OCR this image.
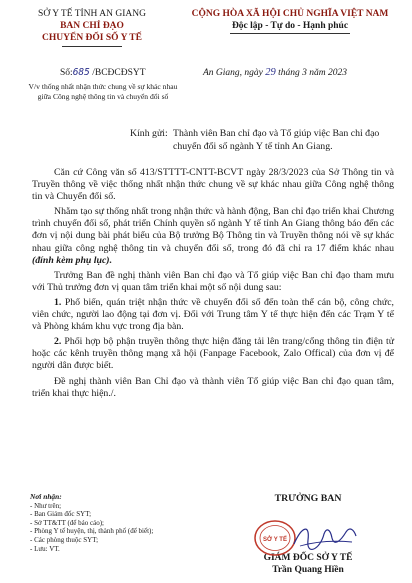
SỞ Y TẾ TỈNH AN GIANG
BAN CHỈ ĐẠO
CHUYỂN ĐỔI SỐ Y TẾ
CỘNG HÒA XÃ HỘI CHỦ NGHĨA VIỆT NAM
Độc lập - Tự do - Hạnh phúc
Số:685 /BCĐCĐSYT	An Giang, ngày 29 tháng 3 năm 2023
V/v thống nhất nhận thức chung về sự khác nhau giữa Công nghệ thông tin và chuyển đổi số
Kính gửi: Thành viên Ban chỉ đạo và Tổ giúp việc Ban chỉ đạo chuyển đổi số ngành Y tế tỉnh An Giang.

Căn cứ Công văn số 413/STTTT-CNTT-BCVT ngày 28/3/2023 của Sở Thông tin và Truyền thông về việc thống nhất nhận thức chung về sự khác nhau giữa Công nghệ thông tin và Chuyển đổi số.

Nhằm tạo sự thống nhất trong nhận thức và hành động, Ban chỉ đạo triển khai Chương trình chuyển đổi số, phát triển Chính quyền số ngành Y tế tỉnh An Giang thông báo đến các đơn vị nội dung bài phát biểu của Bộ trưởng Bộ Thông tin và Truyền thông nói về sự khác nhau giữa công nghệ thông tin và chuyển đổi số, trong đó đã chỉ ra 17 điểm khác nhau (đính kèm phụ lục).

Trưởng Ban đề nghị thành viên Ban chỉ đạo và Tổ giúp việc Ban chỉ đạo tham mưu với Thủ trưởng đơn vị quan tâm triển khai một số nội dung sau:

1. Phổ biến, quán triệt nhận thức về chuyển đổi số đến toàn thể cán bộ, công chức, viên chức, người lao động tại đơn vị. Đối với Trung tâm Y tế thực hiện đến các Trạm Y tế và Phòng khám khu vực trong địa bàn.

2. Phối hợp bộ phận truyền thông thực hiện đăng tải lên trang/cổng thông tin điện tử hoặc các kênh truyền thông mạng xã hội (Fanpage Facebook, Zalo Offical) của đơn vị để người dân được biết.

Đề nghị thành viên Ban Chỉ đạo và thành viên Tổ giúp việc Ban chỉ đạo quan tâm, triển khai thực hiện./.

Nơi nhận:
- Như trên;
- Ban Giám đốc SYT;
- Sở TT&TT (để báo cáo);
- Phòng Y tế huyện, thị, thành phố (để biết);
- Các phòng thuộc SYT;
- Lưu: VT.
TRƯỞNG BAN
GIÁM ĐỐC SỞ Y TẾ
Trần Quang Hiền
SỞ Y TẾ
